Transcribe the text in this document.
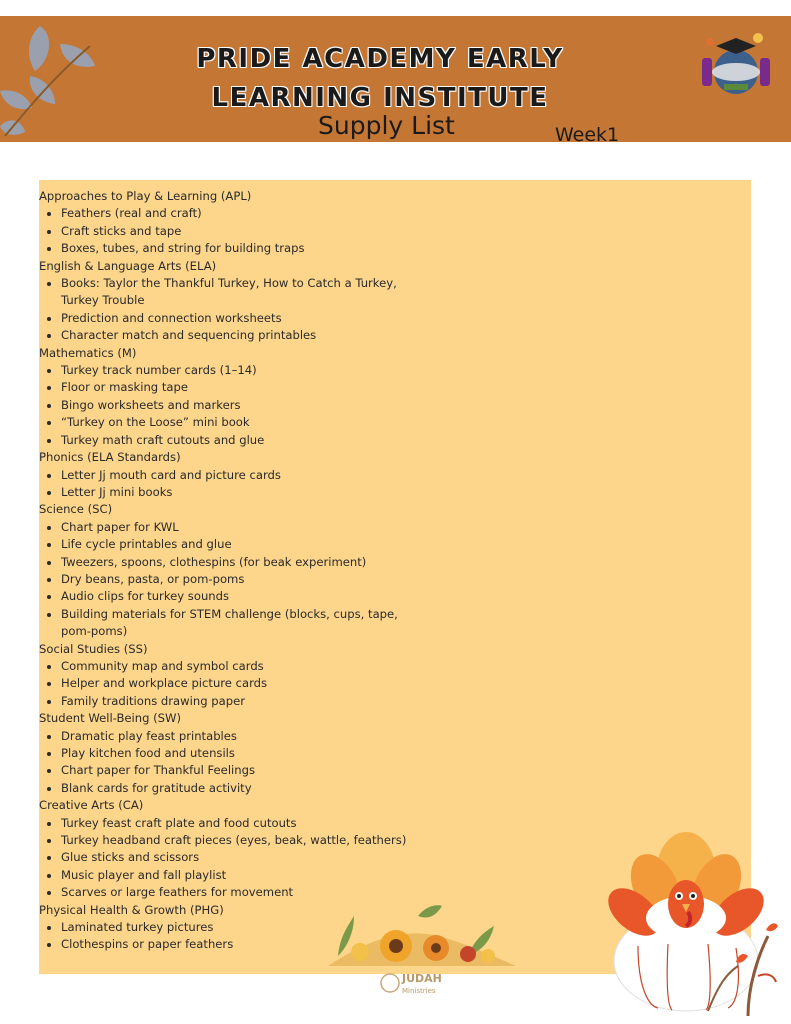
PRIDE ACADEMY EARLY
LEARNING INSTITUTE
Supply List	Week1
Approaches to Play & Learning (APL)
Feathers (real and craft)
Craft sticks and tape
Boxes, tubes, and string for building traps
English & Language Arts (ELA)
Books: Taylor the Thankful Turkey, How to Catch a Turkey, Turkey Trouble
Prediction and connection worksheets
Character match and sequencing printables
Mathematics (M)
Turkey track number cards (1–14)
Floor or masking tape
Bingo worksheets and markers
“Turkey on the Loose” mini book
Turkey math craft cutouts and glue
Phonics (ELA Standards)
Letter Jj mouth card and picture cards
Letter Jj mini books
Science (SC)
Chart paper for KWL
Life cycle printables and glue
Tweezers, spoons, clothespins (for beak experiment)
Dry beans, pasta, or pom-poms
Audio clips for turkey sounds
Building materials for STEM challenge (blocks, cups, tape, pom-poms)
Social Studies (SS)
Community map and symbol cards
Helper and workplace picture cards
Family traditions drawing paper
Student Well-Being (SW)
Dramatic play feast printables
Play kitchen food and utensils
Chart paper for Thankful Feelings
Blank cards for gratitude activity
Creative Arts (CA)
Turkey feast craft plate and food cutouts
Turkey headband craft pieces (eyes, beak, wattle, feathers)
Glue sticks and scissors
Music player and fall playlist
Scarves or large feathers for movement
Physical Health & Growth (PHG)
Laminated turkey pictures
Clothespins or paper feathers
JUDAH
Ministries
